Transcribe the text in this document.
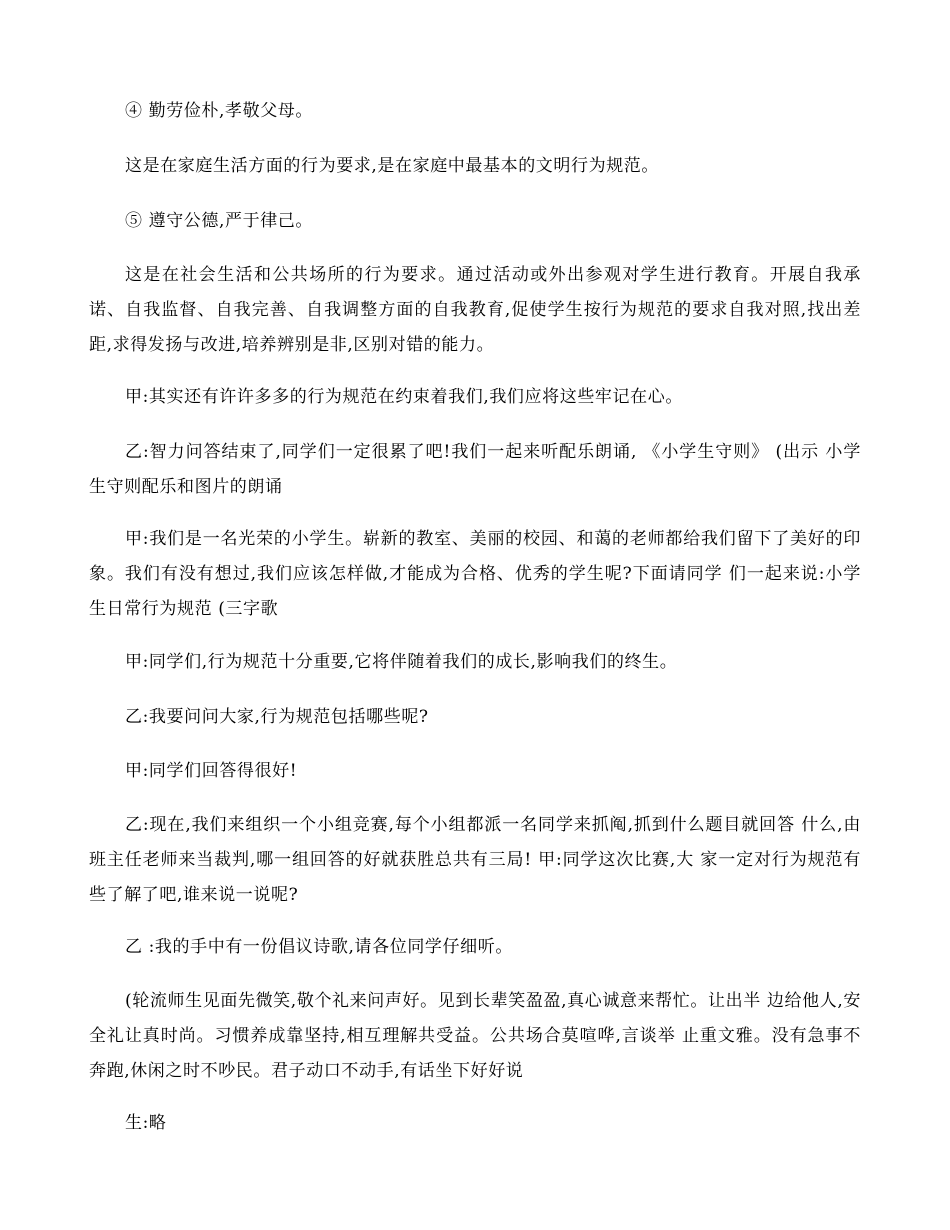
④ 勤劳俭朴,孝敬父母。

这是在家庭生活方面的行为要求,是在家庭中最基本的文明行为规范。

⑤ 遵守公德,严于律己。

这是在社会生活和公共场所的行为要求。通过活动或外出参观对学生进行教育。开展自我承 诺、自我监督、自我完善、自我调整方面的自我教育,促使学生按行为规范的要求自我对照,找出差距,求得发扬与改进,培养辨别是非,区别对错的能力。

甲:其实还有许许多多的行为规范在约束着我们,我们应将这些牢记在心。

乙:智力问答结束了,同学们一定很累了吧!我们一起来听配乐朗诵, 《小学生守则》 (出示 小学生守则配乐和图片的朗诵

甲:我们是一名光荣的小学生。崭新的教室、美丽的校园、和蔼的老师都给我们留下了美好的印象。我们有没有想过,我们应该怎样做,才能成为合格、优秀的学生呢?下面请同学 们一起来说:小学生日常行为规范 (三字歌

甲:同学们,行为规范十分重要,它将伴随着我们的成长,影响我们的终生。

乙:我要问问大家,行为规范包括哪些呢?

甲:同学们回答得很好!

乙:现在,我们来组织一个小组竞赛,每个小组都派一名同学来抓阄,抓到什么题目就回答 什么,由班主任老师来当裁判,哪一组回答的好就获胜总共有三局! 甲:同学这次比赛,大 家一定对行为规范有些了解了吧,谁来说一说呢?

乙 :我的手中有一份倡议诗歌,请各位同学仔细听。

(轮流师生见面先微笑,敬个礼来问声好。见到长辈笑盈盈,真心诚意来帮忙。让出半 边给他人,安全礼让真时尚。习惯养成靠坚持,相互理解共受益。公共场合莫喧哗,言谈举 止重文雅。没有急事不奔跑,休闲之时不吵民。君子动口不动手,有话坐下好好说

生:略
